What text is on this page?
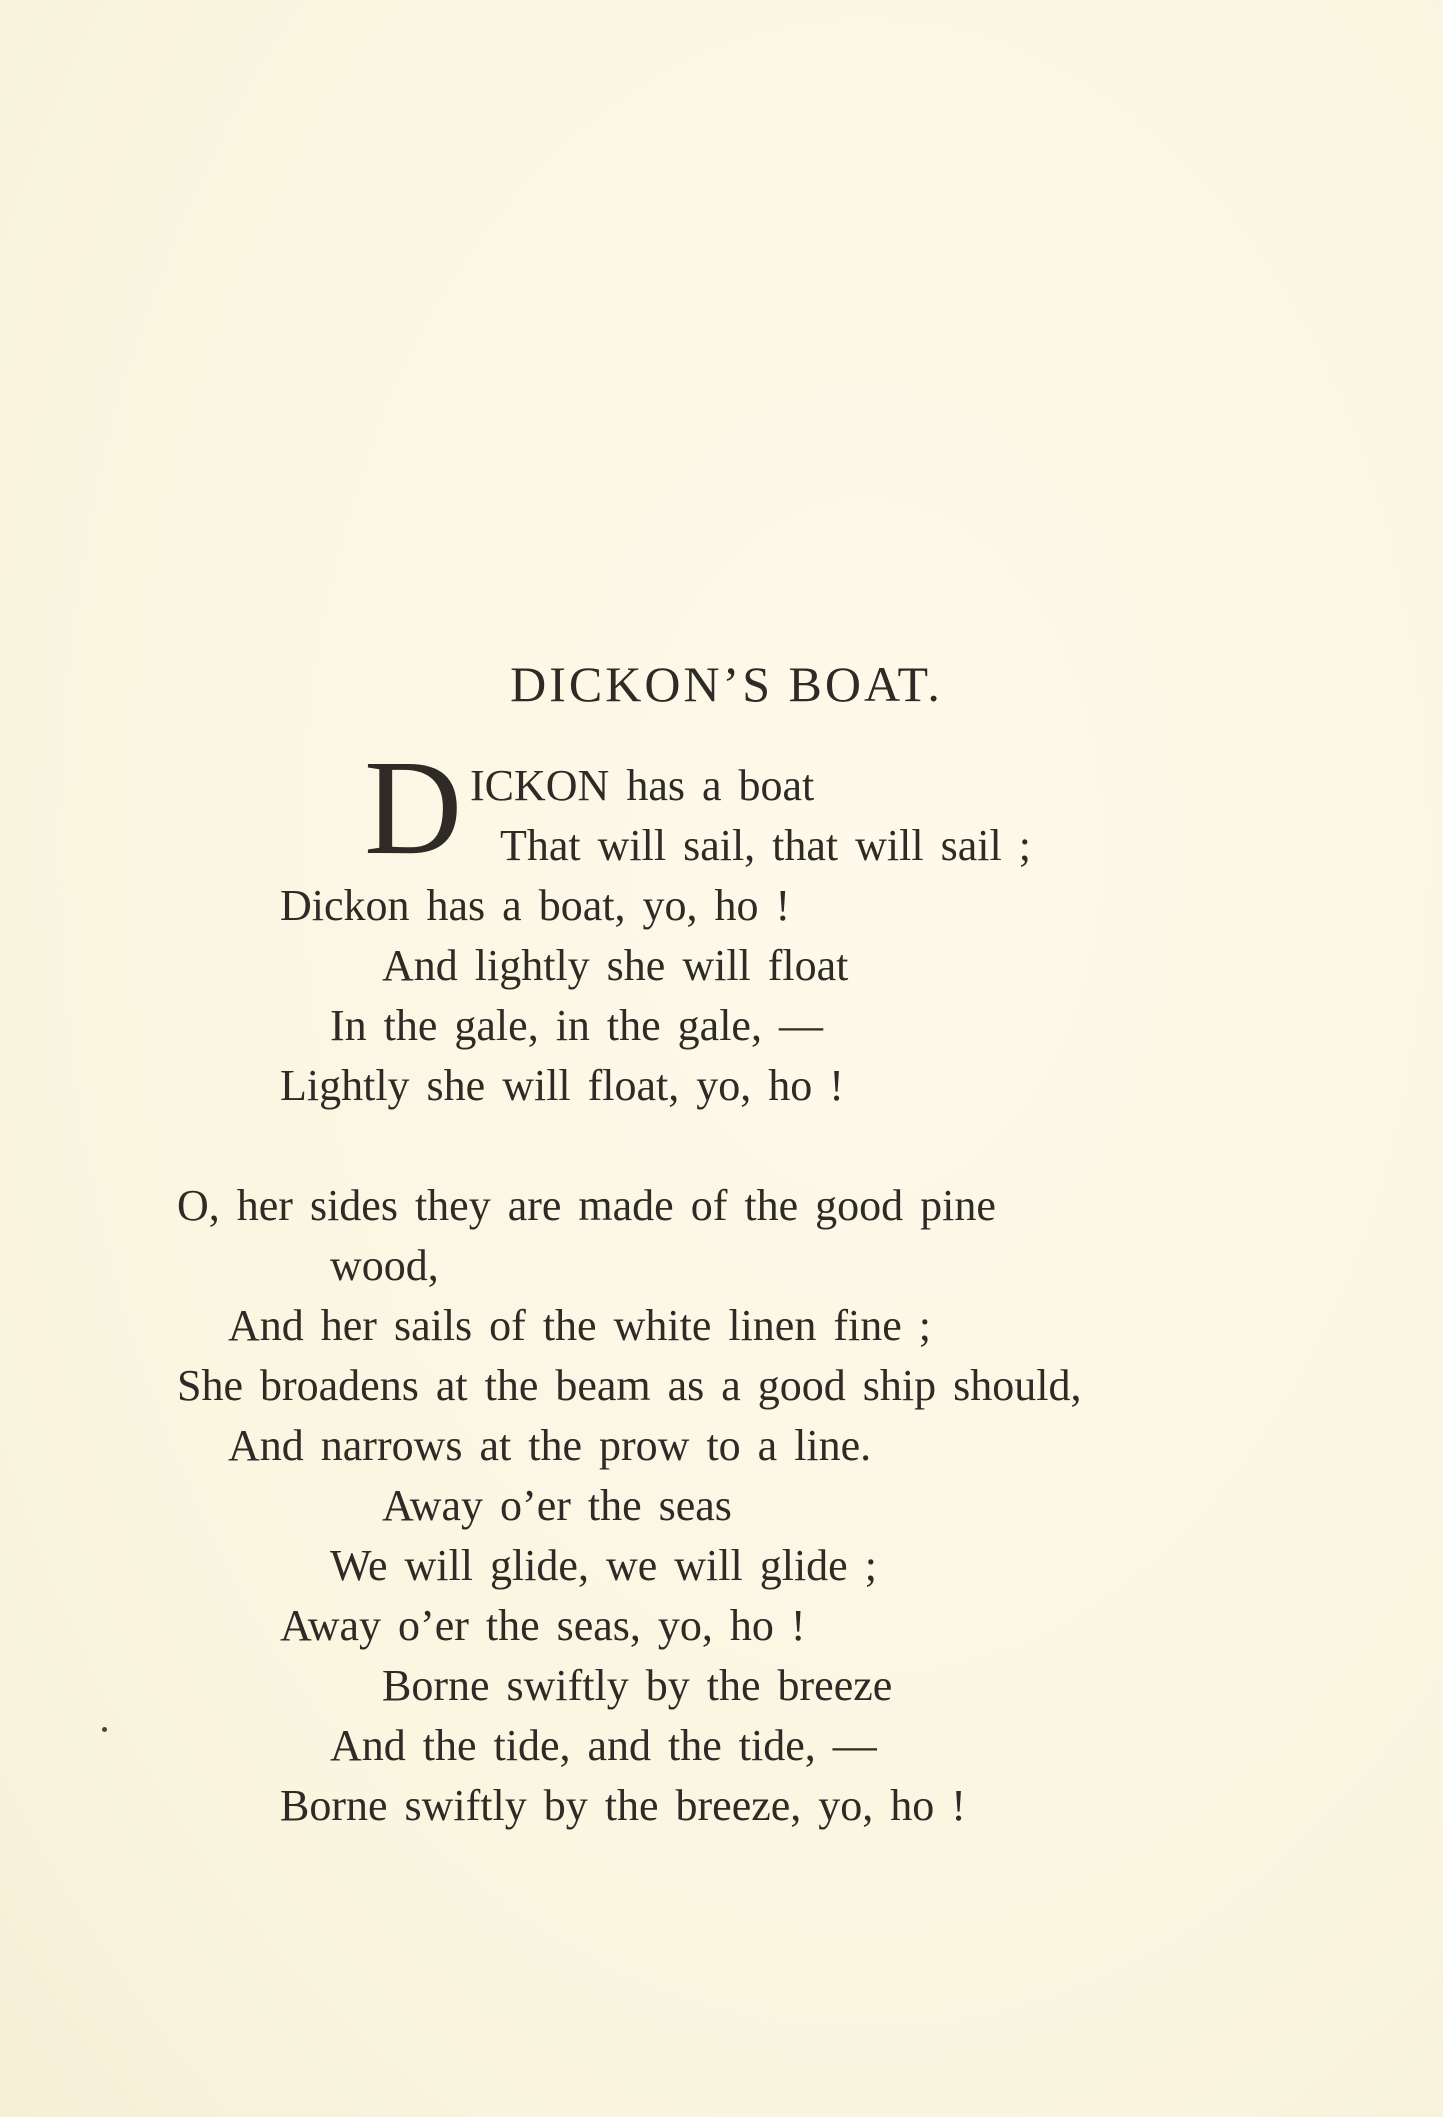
DICKON’S BOAT.
D ICKON has a boat
That will sail, that will sail ;
Dickon has a boat, yo, ho !
And lightly she will float
In the gale, in the gale, —
Lightly she will float, yo, ho !
O, her sides they are made of the good pine
wood,
And her sails of the white linen fine ;
She broadens at the beam as a good ship should,
And narrows at the prow to a line.
Away o’er the seas
We will glide, we will glide ;
Away o’er the seas, yo, ho !
Borne swiftly by the breeze
And the tide, and the tide, —
Borne swiftly by the breeze, yo, ho !
